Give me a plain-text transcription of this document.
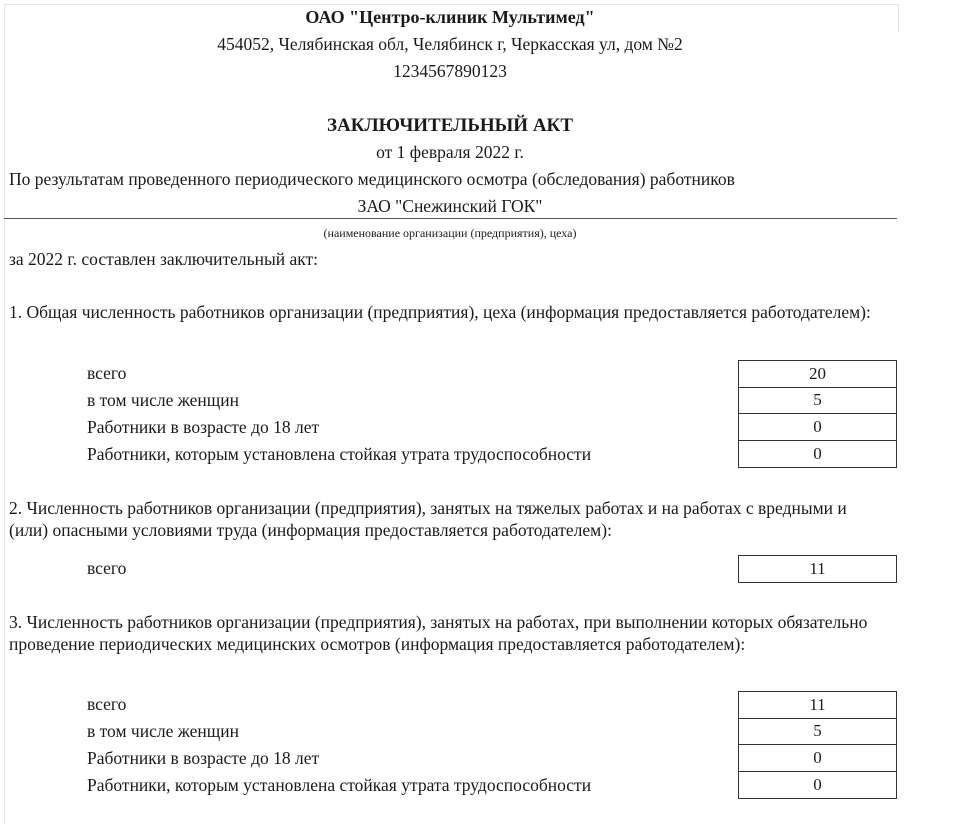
ОАО "Центро-клиник Мультимед"
454052, Челябинская обл, Челябинск г, Черкасская ул, дом №2
1234567890123
ЗАКЛЮЧИТЕЛЬНЫЙ АКТ
от 1 февраля 2022 г.
По результатам проведенного периодического медицинского осмотра (обследования) работников
ЗАО "Снежинский ГОК"
(наименование организации (предприятия), цеха)
за 2022 г. составлен заключительный акт:
1. Общая численность работников организации (предприятия), цеха (информация предоставляется работодателем):
всего	20
в том числе женщин	5
Работники в возрасте до 18 лет	0
Работники, которым установлена стойкая утрата трудоспособности	0
2. Численность работников организации (предприятия), занятых на тяжелых работах и на работах с вредными и (или) опасными условиями труда (информация предоставляется работодателем):
всего	11
3. Численность работников организации (предприятия), занятых на работах, при выполнении которых обязательно проведение периодических медицинских осмотров (информация предоставляется работодателем):
всего	11
в том числе женщин	5
Работники в возрасте до 18 лет	0
Работники, которым установлена стойкая утрата трудоспособности	0
